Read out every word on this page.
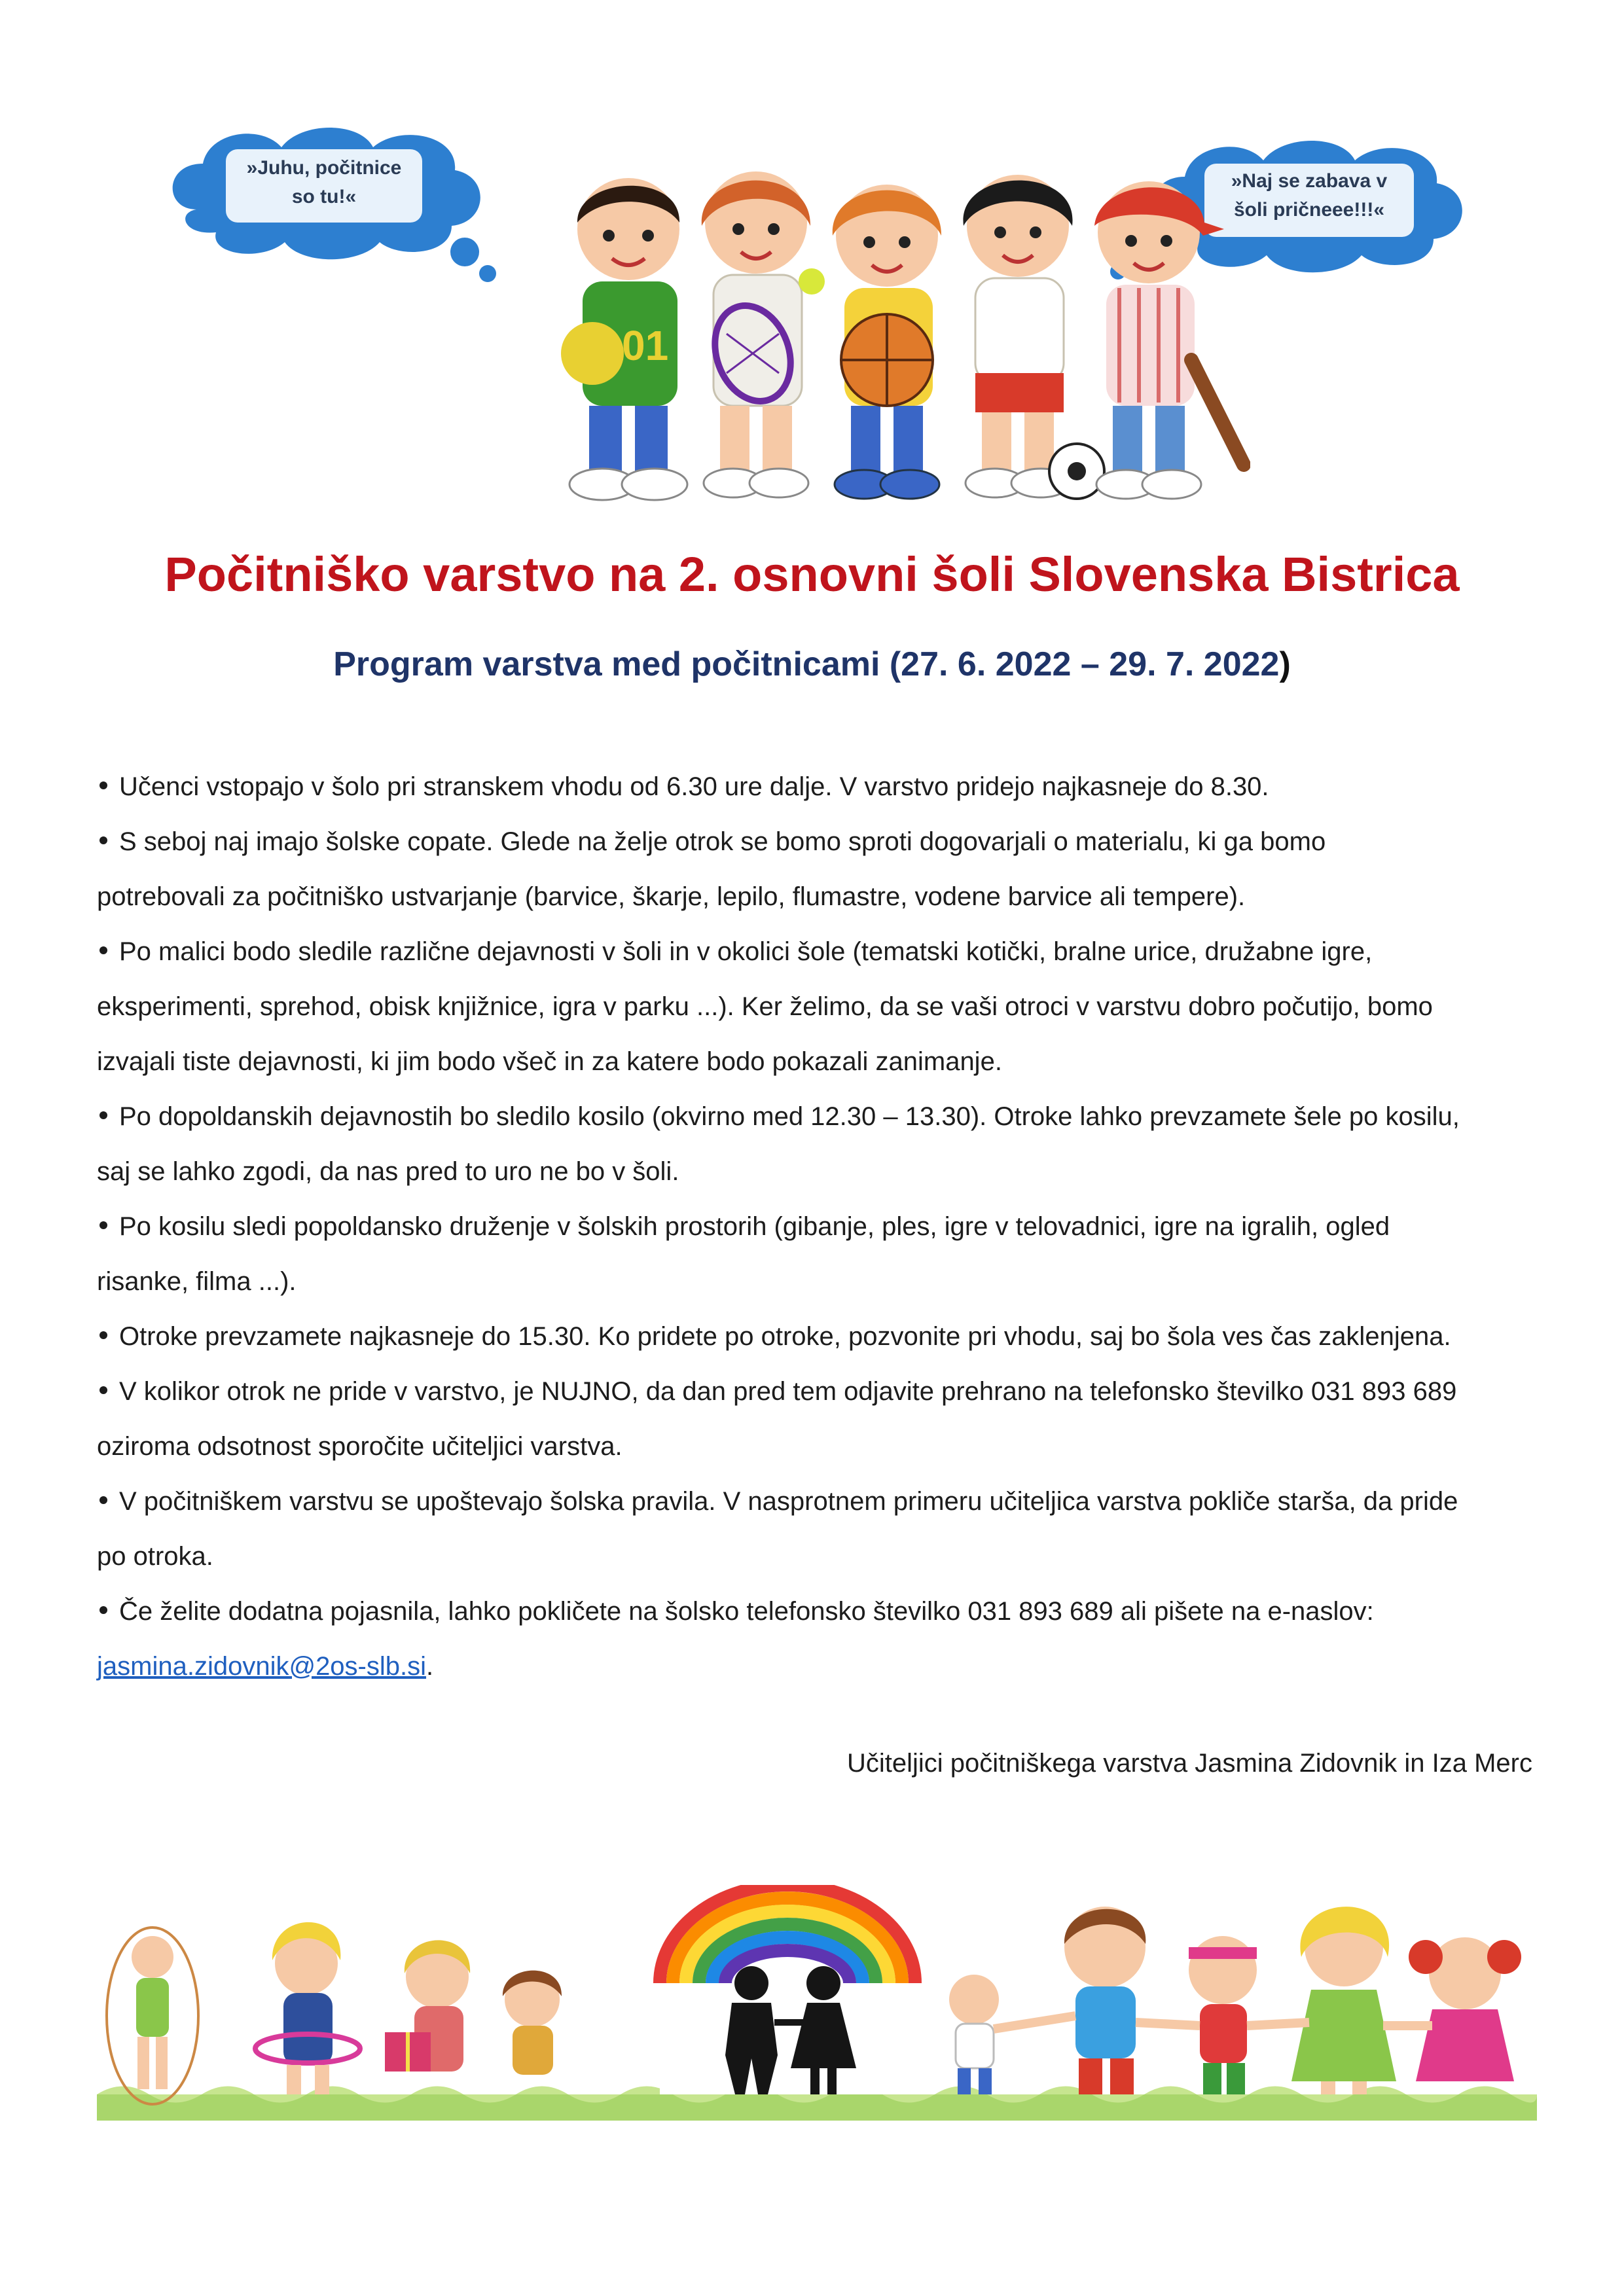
»Juhu, počitnice
so tu!«
»Naj se zabava v
šoli pričneee!!!«
01
Počitniško varstvo na 2. osnovni šoli Slovenska Bistrica
Program varstva med počitnicami (27. 6. 2022 – 29. 7. 2022)

Učenci vstopajo v šolo pri stranskem vhodu od 6.30 ure dalje. V varstvo pridejo najkasneje do 8.30.

S seboj naj imajo šolske copate. Glede na želje otrok se bomo sproti dogovarjali o materialu, ki ga bomo

potrebovali za počitniško ustvarjanje (barvice, škarje, lepilo, flumastre, vodene barvice ali tempere).

Po malici bodo sledile različne dejavnosti v šoli in v okolici šole (tematski kotički, bralne urice, družabne igre,

eksperimenti, sprehod, obisk knjižnice, igra v parku ...). Ker želimo, da se vaši otroci v varstvu dobro počutijo, bomo

izvajali tiste dejavnosti, ki jim bodo všeč in za katere bodo pokazali zanimanje.

Po dopoldanskih dejavnostih bo sledilo kosilo (okvirno med 12.30 – 13.30). Otroke lahko prevzamete šele po kosilu,

saj se lahko zgodi, da nas pred to uro ne bo v šoli.

Po kosilu sledi popoldansko druženje v šolskih prostorih (gibanje, ples, igre v telovadnici, igre na igralih, ogled

risanke, filma ...).

Otroke prevzamete najkasneje do 15.30. Ko pridete po otroke, pozvonite pri vhodu, saj bo šola ves čas zaklenjena.

V kolikor otrok ne pride v varstvo, je NUJNO, da dan pred tem odjavite prehrano na telefonsko številko 031 893 689

oziroma odsotnost sporočite učiteljici varstva.

V počitniškem varstvu se upoštevajo šolska pravila. V nasprotnem primeru učiteljica varstva pokliče starša, da pride

po otroka.

Če želite dodatna pojasnila, lahko pokličete na šolsko telefonsko številko 031 893 689 ali pišete na e-naslov:

jasmina.zidovnik@2os-slb.si.

Učiteljici počitniškega varstva Jasmina Zidovnik in Iza Merc
